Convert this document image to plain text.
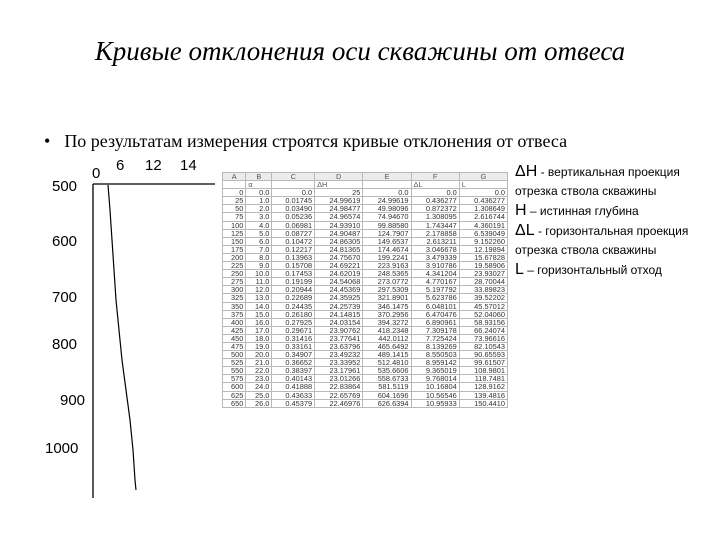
Кривые отклонения оси скважины от отвеса
• По результатам измерения строятся кривые отклонения от отвеса
0 6 12 14
500
600
700
800
900
1000
A	B	C	D	E	F	G
	α		ΔH		ΔL	L
0	0.0	0.0	25	0.0	0.0	0.0
25	1.0	0.01745	24.99619	24.99619	0.436277	0.436277
50	2.0	0.03490	24.98477	49.98096	0.872372	1.308649
75	3.0	0.05236	24.96574	74.94670	1.308095	2.616744
100	4.0	0.06981	24.93910	99.88580	1.743447	4.360191
125	5.0	0.08727	24.90487	124.7907	2.178858	6.539049
150	6.0	0.10472	24.86305	149.6537	2.613211	9.152260
175	7.0	0.12217	24.81365	174.4674	3.046678	12.19894
200	8.0	0.13963	24.75670	199.2241	3.479339	15.67828
225	9.0	0.15708	24.69221	223.9163	3.910786	19.58906
250	10.0	0.17453	24.62019	248.5365	4.341204	23.93027
275	11.0	0.19199	24.54068	273.0772	4.770167	28.70044
300	12.0	0.20944	24.45369	297.5309	5.197792	33.89823
325	13.0	0.22689	24.35925	321.8901	5.623786	39.52202
350	14.0	0.24435	24.25739	346.1475	6.048101	45.57012
375	15.0	0.26180	24.14815	370.2956	6.470476	52.04060
400	16.0	0.27925	24.03154	394.3272	6.890961	58.93156
425	17.0	0.29671	23.90762	418.2348	7.309178	66.24074
450	18.0	0.31416	23.77641	442.0112	7.725424	73.96616
475	19.0	0.33161	23.63796	465.6492	8.139269	82.10543
500	20.0	0.34907	23.49232	489.1415	8.550503	90.65593
525	21.0	0.36652	23.33952	512.4810	8.959142	99.61507
550	22.0	0.38397	23.17961	535.6606	9.365019	108.9801
575	23.0	0.40143	23.01266	558.6733	9.768014	118.7481
600	24.0	0.41888	22.83864	581.5119	10.16804	128.9162
625	25.0	0.43633	22.65769	604.1696	10.56546	139.4816
650	26.0	0.45379	22.46976	626.6394	10.95933	150.4410
ΔH - вертикальная проекция
отрезка ствола скважины
H – истинная глубина
ΔL - горизонтальная проекция
отрезка ствола скважины
L – горизонтальный отход
